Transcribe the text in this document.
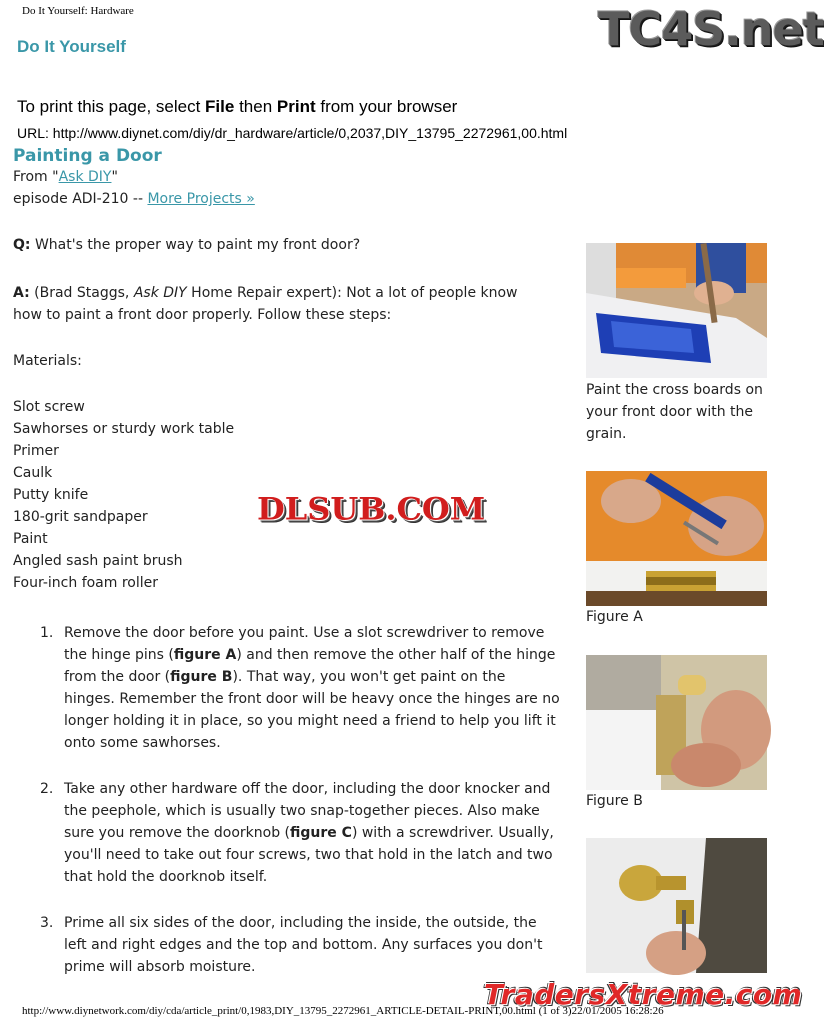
Do It Yourself: Hardware	TC4S.net
Do It Yourself
To print this page, select File then Print from your browser
URL: http://www.diynet.com/diy/dr_hardware/article/0,2037,DIY_13795_2272961,00.html
Painting a Door
From "Ask DIY"
episode ADI-210 -- More Projects »
Q: What's the proper way to paint my front door?
A: (Brad Staggs, Ask DIY Home Repair expert): Not a lot of people know
how to paint a front door properly. Follow these steps:
Materials:
Slot screw
Sawhorses or sturdy work table
Primer
Caulk
Putty knife
180-grit sandpaper
Paint
Angled sash paint brush
Four-inch foam roller
DLSUB.COM
1. Remove the door before you paint. Use a slot screwdriver to remove the hinge pins (figure A) and then remove the other half of the hinge from the door (figure B). That way, you won't get paint on the hinges. Remember the front door will be heavy once the hinges are no longer holding it in place, so you might need a friend to help you lift it onto some sawhorses.
2. Take any other hardware off the door, including the door knocker and the peephole, which is usually two snap-together pieces. Also make sure you remove the doorknob (figure C) with a screwdriver. Usually, you'll need to take out four screws, two that hold in the latch and two that hold the doorknob itself.
3. Prime all six sides of the door, including the inside, the outside, the left and right edges and the top and bottom. Any surfaces you don't prime will absorb moisture.
Paint the cross boards on your front door with the grain.
Figure A
Figure B
http://www.diynetwork.com/diy/cda/article_print/0,1983,DIY_13795_2272961_ARTICLE-DETAIL-PRINT,00.html (1 of 3)22/01/2005 16:28:26
TradersXtreme.com
